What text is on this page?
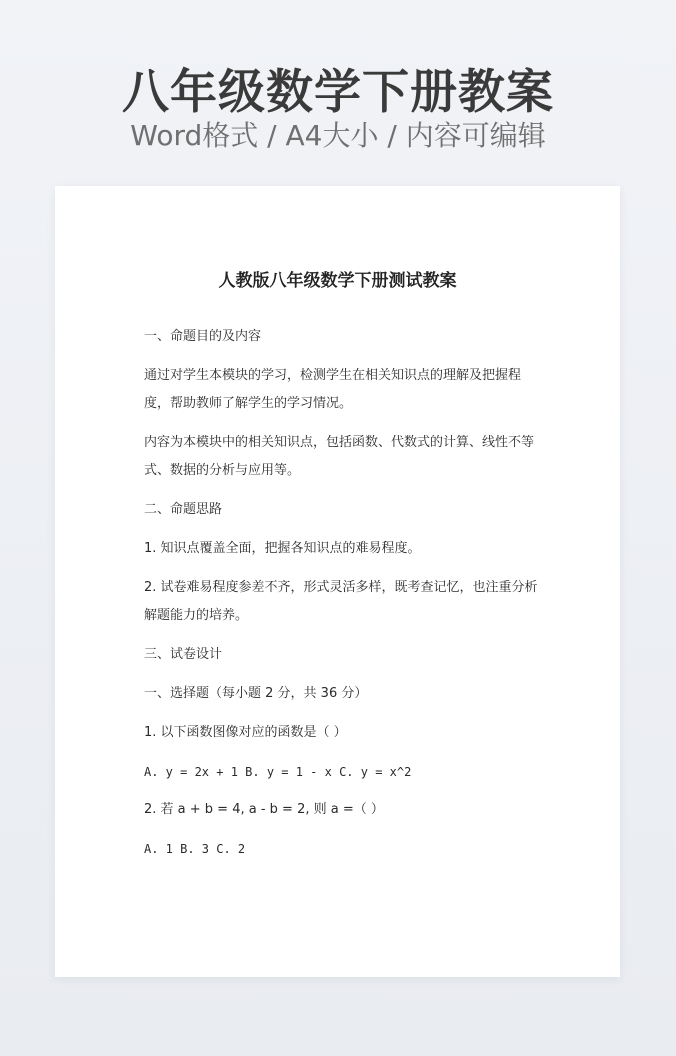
八年级数学下册教案
Word格式 / A4大小 / 内容可编辑
人教版八年级数学下册测试教案
一、命题目的及内容
通过对学生本模块的学习，检测学生在相关知识点的理解及把握程
度，帮助教师了解学生的学习情况。
内容为本模块中的相关知识点，包括函数、代数式的计算、线性不等
式、数据的分析与应用等。
二、命题思路
1. 知识点覆盖全面，把握各知识点的难易程度。
2. 试卷难易程度参差不齐，形式灵活多样，既考查记忆，也注重分析
解题能力的培养。
三、试卷设计
一、选择题（每小题 2 分，共 36 分）
1. 以下函数图像对应的函数是（ ）
A. y = 2x + 1 B. y = 1 - x C. y = x^2
2. 若 a + b = 4, a - b = 2, 则 a =（ ）
A. 1 B. 3 C. 2
